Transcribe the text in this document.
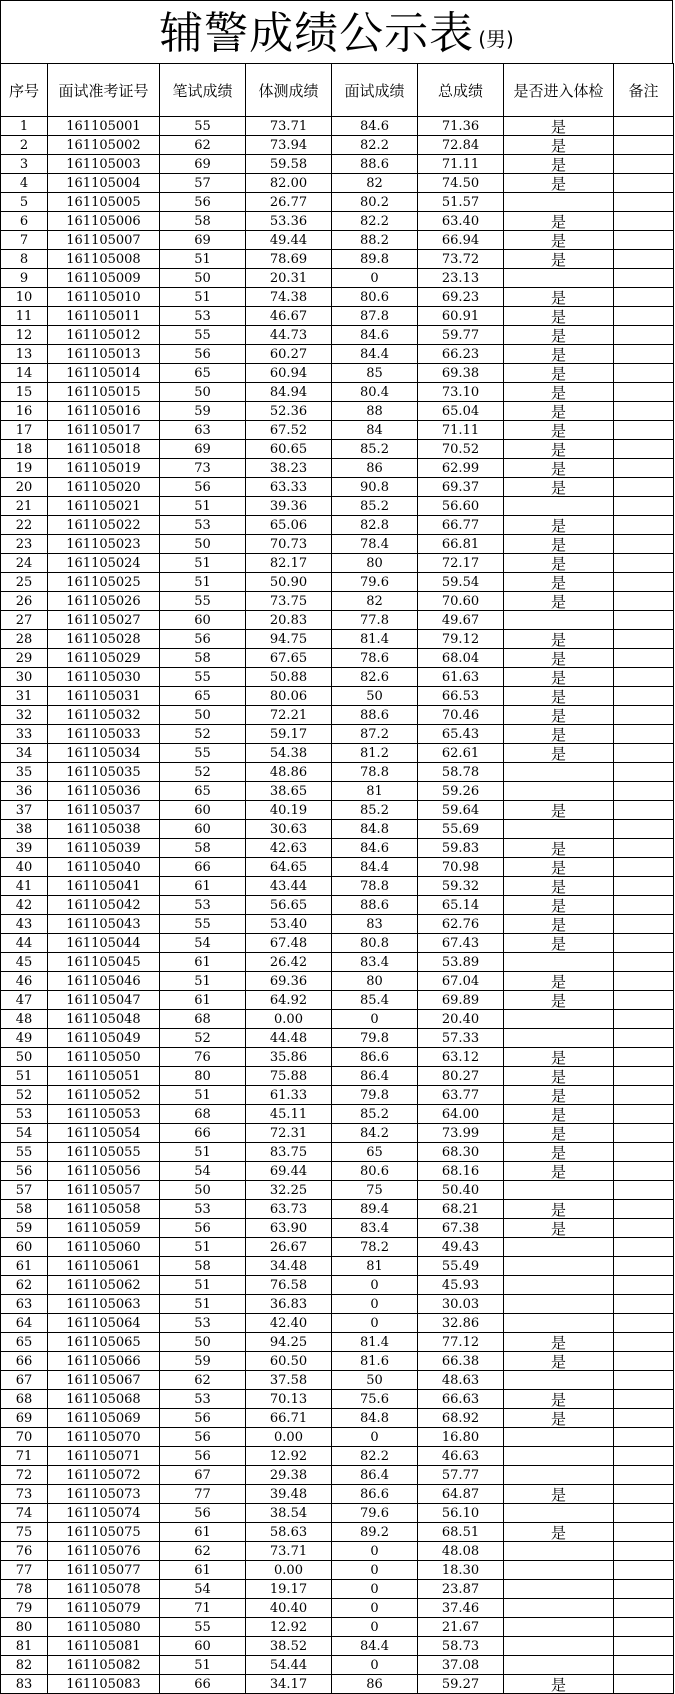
辅警成绩公示表 (男)
序号	面试准考证号	笔试成绩	体测成绩	面试成绩	总成绩	是否进入体检	备注
1	161105001	55	73.71	84.6	71.36	是	
2	161105002	62	73.94	82.2	72.84	是	
3	161105003	69	59.58	88.6	71.11	是	
4	161105004	57	82.00	82	74.50	是	
5	161105005	56	26.77	80.2	51.57		
6	161105006	58	53.36	82.2	63.40	是	
7	161105007	69	49.44	88.2	66.94	是	
8	161105008	51	78.69	89.8	73.72	是	
9	161105009	50	20.31	0	23.13		
10	161105010	51	74.38	80.6	69.23	是	
11	161105011	53	46.67	87.8	60.91	是	
12	161105012	55	44.73	84.6	59.77	是	
13	161105013	56	60.27	84.4	66.23	是	
14	161105014	65	60.94	85	69.38	是	
15	161105015	50	84.94	80.4	73.10	是	
16	161105016	59	52.36	88	65.04	是	
17	161105017	63	67.52	84	71.11	是	
18	161105018	69	60.65	85.2	70.52	是	
19	161105019	73	38.23	86	62.99	是	
20	161105020	56	63.33	90.8	69.37	是	
21	161105021	51	39.36	85.2	56.60		
22	161105022	53	65.06	82.8	66.77	是	
23	161105023	50	70.73	78.4	66.81	是	
24	161105024	51	82.17	80	72.17	是	
25	161105025	51	50.90	79.6	59.54	是	
26	161105026	55	73.75	82	70.60	是	
27	161105027	60	20.83	77.8	49.67		
28	161105028	56	94.75	81.4	79.12	是	
29	161105029	58	67.65	78.6	68.04	是	
30	161105030	55	50.88	82.6	61.63	是	
31	161105031	65	80.06	50	66.53	是	
32	161105032	50	72.21	88.6	70.46	是	
33	161105033	52	59.17	87.2	65.43	是	
34	161105034	55	54.38	81.2	62.61	是	
35	161105035	52	48.86	78.8	58.78		
36	161105036	65	38.65	81	59.26		
37	161105037	60	40.19	85.2	59.64	是	
38	161105038	60	30.63	84.8	55.69		
39	161105039	58	42.63	84.6	59.83	是	
40	161105040	66	64.65	84.4	70.98	是	
41	161105041	61	43.44	78.8	59.32	是	
42	161105042	53	56.65	88.6	65.14	是	
43	161105043	55	53.40	83	62.76	是	
44	161105044	54	67.48	80.8	67.43	是	
45	161105045	61	26.42	83.4	53.89		
46	161105046	51	69.36	80	67.04	是	
47	161105047	61	64.92	85.4	69.89	是	
48	161105048	68	0.00	0	20.40		
49	161105049	52	44.48	79.8	57.33		
50	161105050	76	35.86	86.6	63.12	是	
51	161105051	80	75.88	86.4	80.27	是	
52	161105052	51	61.33	79.8	63.77	是	
53	161105053	68	45.11	85.2	64.00	是	
54	161105054	66	72.31	84.2	73.99	是	
55	161105055	51	83.75	65	68.30	是	
56	161105056	54	69.44	80.6	68.16	是	
57	161105057	50	32.25	75	50.40		
58	161105058	53	63.73	89.4	68.21	是	
59	161105059	56	63.90	83.4	67.38	是	
60	161105060	51	26.67	78.2	49.43		
61	161105061	58	34.48	81	55.49		
62	161105062	51	76.58	0	45.93		
63	161105063	51	36.83	0	30.03		
64	161105064	53	42.40	0	32.86		
65	161105065	50	94.25	81.4	77.12	是	
66	161105066	59	60.50	81.6	66.38	是	
67	161105067	62	37.58	50	48.63		
68	161105068	53	70.13	75.6	66.63	是	
69	161105069	56	66.71	84.8	68.92	是	
70	161105070	56	0.00	0	16.80		
71	161105071	56	12.92	82.2	46.63		
72	161105072	67	29.38	86.4	57.77		
73	161105073	77	39.48	86.6	64.87	是	
74	161105074	56	38.54	79.6	56.10		
75	161105075	61	58.63	89.2	68.51	是	
76	161105076	62	73.71	0	48.08		
77	161105077	61	0.00	0	18.30		
78	161105078	54	19.17	0	23.87		
79	161105079	71	40.40	0	37.46		
80	161105080	55	12.92	0	21.67		
81	161105081	60	38.52	84.4	58.73		
82	161105082	51	54.44	0	37.08		
83	161105083	66	34.17	86	59.27	是	
